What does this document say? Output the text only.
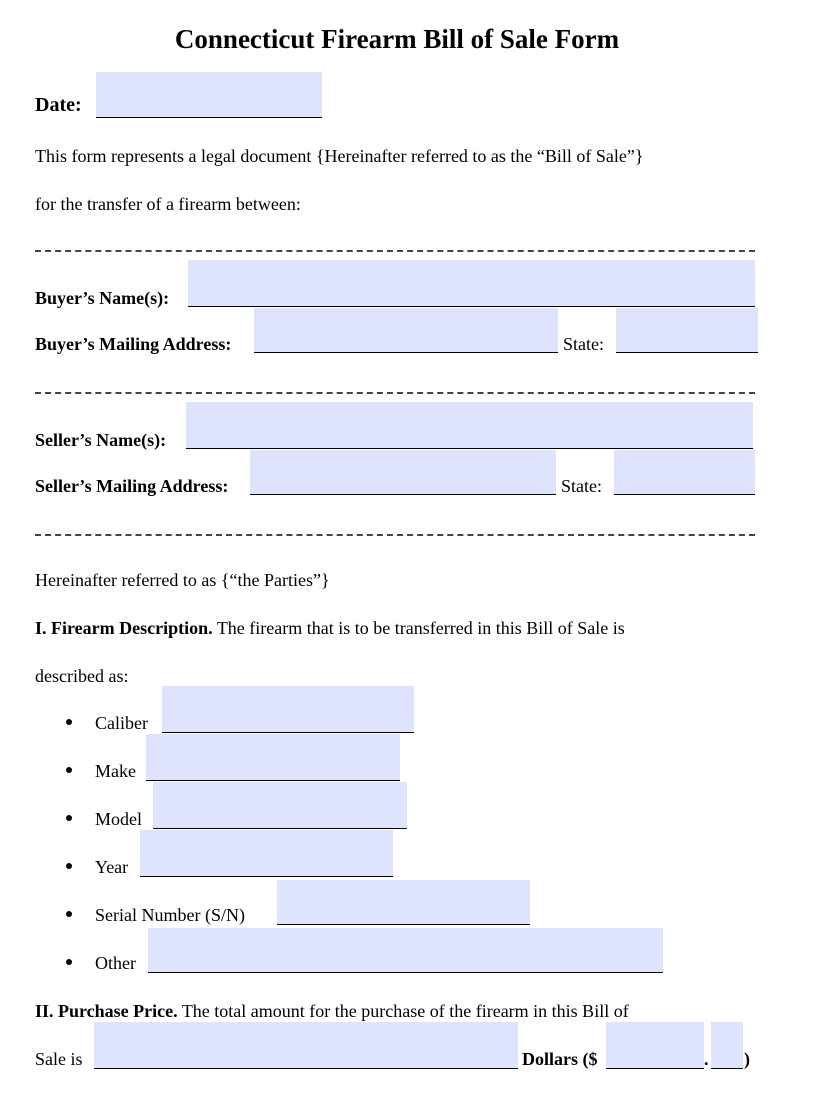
Connecticut Firearm Bill of Sale Form
Date:
This form represents a legal document {Hereinafter referred to as the “Bill of Sale”}
for the transfer of a firearm between:
Buyer’s Name(s):
Buyer’s Mailing Address:	State:
Seller’s Name(s):
Seller’s Mailing Address:	State:
Hereinafter referred to as {“the Parties”}
I. Firearm Description. The firearm that is to be transferred in this Bill of Sale is
described as:
Caliber
Make
Model
Year
Serial Number (S/N)
Other
II. Purchase Price. The total amount for the purchase of the firearm in this Bill of
Sale is	Dollars ($	. )
